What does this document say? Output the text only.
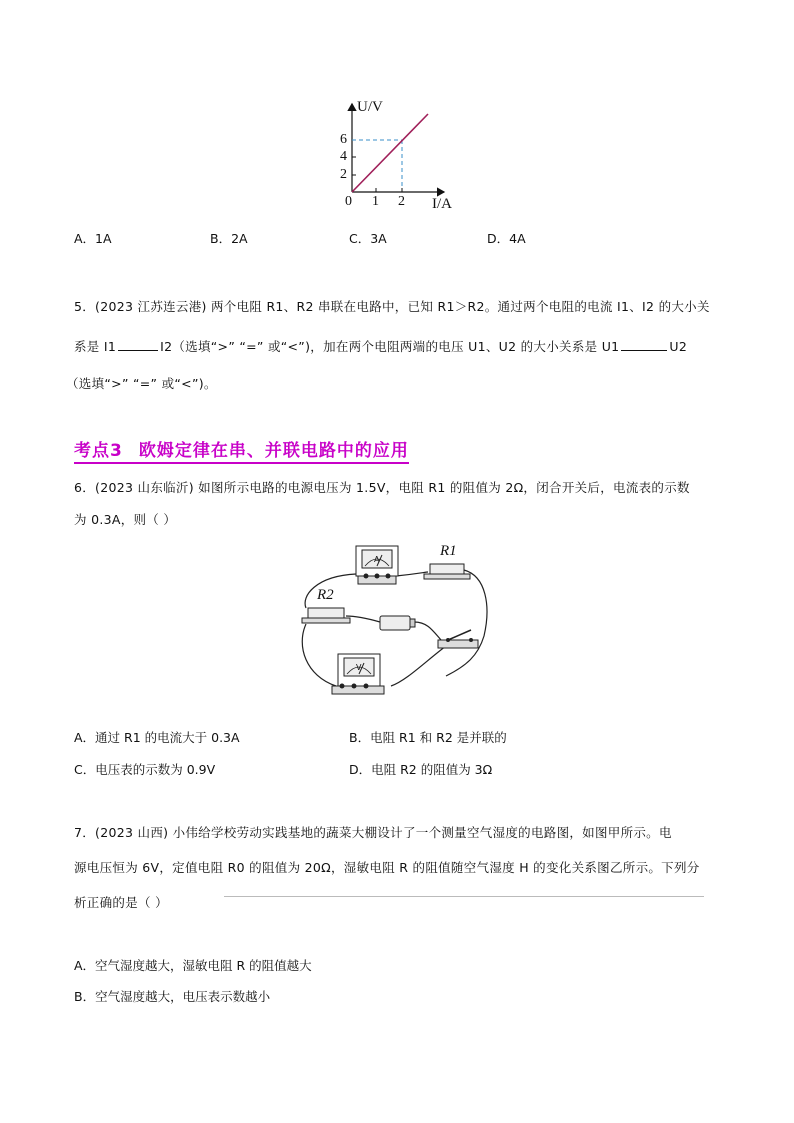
U/V
I/A
6
4
2
0 1 2
A．1A	B．2A	C．3A	D．4A
5．(2023 江苏连云港) 两个电阻 R1、R2 串联在电路中，已知 R1＞R2。通过两个电阻的电流 I1、I2 的大小关
系是 I1	I2（选填“>” “=” 或“<”)，加在两个电阻两端的电压 U1、U2 的大小关系是 U1	U2
（选填“>” “=” 或“<”)。
考点3 欧姆定律在串、并联电路中的应用
6．(2023 山东临沂) 如图所示电路的电源电压为 1.5V，电阻 R1 的阻值为 2Ω，闭合开关后，电流表的示数
为 0.3A，则（ ）
A
V
R1
R2
A．通过 R1 的电流大于 0.3A	B．电阻 R1 和 R2 是并联的
C．电压表的示数为 0.9V	D．电阻 R2 的阻值为 3Ω
7．(2023 山西) 小伟给学校劳动实践基地的蔬菜大棚设计了一个测量空气湿度的电路图，如图甲所示。电
源电压恒为 6V，定值电阻 R0 的阻值为 20Ω，湿敏电阻 R 的阻值随空气湿度 H 的变化关系图乙所示。下列分
析正确的是（ ）
A．空气湿度越大，湿敏电阻 R 的阻值越大
B．空气湿度越大，电压表示数越小
